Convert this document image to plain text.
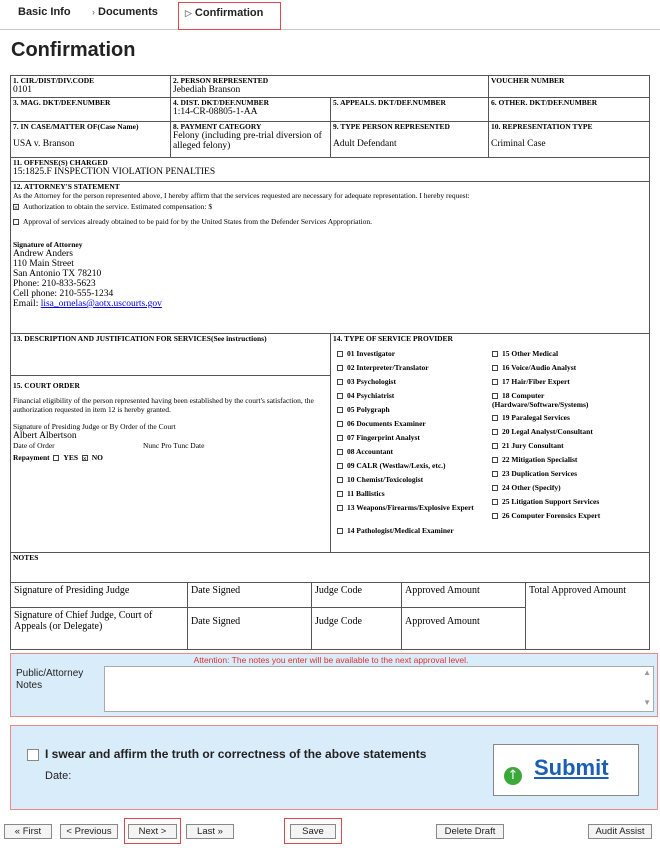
Basic Info › Documents	▷ Confirmation
Confirmation
1. CIR./DIST/DIV.CODE
0101
2. PERSON REPRESENTED
Jebediah Branson
VOUCHER NUMBER
3. MAG. DKT/DEF.NUMBER	4. DIST. DKT/DEF.NUMBER
1:14-CR-08805-1-AA
5. APPEALS. DKT/DEF.NUMBER	6. OTHER. DKT/DEF.NUMBER
7. IN CASE/MATTER OF(Case Name)
USA v. Branson
8. PAYMENT CATEGORY
Felony (including pre-trial diversion of alleged felony)
9. TYPE PERSON REPRESENTED
Adult Defendant
10. REPRESENTATION TYPE
Criminal Case
11. OFFENSE(S) CHARGED
15:1825.F INSPECTION VIOLATION PENALTIES
12. ATTORNEY'S STATEMENT
As the Attorney for the person represented above, I hereby affirm that the services requested are necessary for adequate representation. I hereby request:
×Authorization to obtain the service. Estimated compensation: $
Approval of services already obtained to be paid for by the United States from the Defender Services Appropriation.
Signature of Attorney
Andrew Anders
110 Main Street
San Antonio TX 78210
Phone: 210-833-5623
Cell phone: 210-555-1234
Email: lisa_ornelas@aotx.uscourts.gov
13. DESCRIPTION AND JUSTIFICATION FOR SERVICES(See instructions)
15. COURT ORDER
Financial eligibility of the person represented having been established by the court's satisfaction, the authorization requested in item 12 is hereby granted.
Signature of Presiding Judge or By Order of the Court
Albert Albertson
Date of Order	Nunc Pro Tunc Date
Repayment YES  × NO
14. TYPE OF SERVICE PROVIDER
01 Investigator
02 Interpreter/Translator
03 Psychologist
04 Psychiatrist
05 Polygraph
06 Documents Examiner
07 Fingerprint Analyst
08 Accountant
09 CALR (Westlaw/Lexis, etc.)
10 Chemist/Toxicologist
11 Ballistics
13 Weapons/Firearms/Explosive Expert
14 Pathologist/Medical Examiner
15 Other Medical
16 Voice/Audio Analyst
17 Hair/Fiber Expert
18 Computer (Hardware/Software/Systems)
19 Paralegal Services
20 Legal Analyst/Consultant
21 Jury Consultant
22 Mitigation Specialist
23 Duplication Services
24 Other (Specify)
25 Litigation Support Services
26 Computer Forensics Expert
NOTES
Signature of Presiding Judge	Date Signed	Judge Code	Approved Amount
Signature of Chief Judge, Court of Appeals (or Delegate)	Date Signed	Judge Code	Approved Amount
Total Approved Amount
Attention: The notes you enter will be available to the next approval level.
Public/Attorney Notes
▲
▼
I swear and affirm the truth or correctness of the above statements
Date:	↑ Submit
« First	< Previous	Next >	Last »	Save	Delete Draft	Audit Assist
